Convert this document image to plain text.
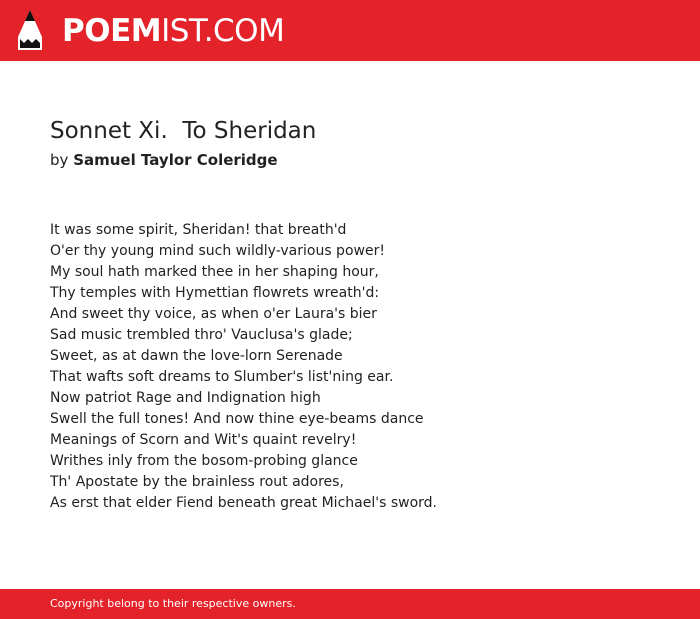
POEMIST.COM
Sonnet Xi.  To Sheridan

by Samuel Taylor Coleridge

It was some spirit, Sheridan! that breath'd
O'er thy young mind such wildly-various power!
My soul hath marked thee in her shaping hour,
Thy temples with Hymettian flowrets wreath'd:
And sweet thy voice, as when o'er Laura's bier
Sad music trembled thro' Vauclusa's glade;
Sweet, as at dawn the love-lorn Serenade
That wafts soft dreams to Slumber's list'ning ear.
Now patriot Rage and Indignation high
Swell the full tones! And now thine eye-beams dance
Meanings of Scorn and Wit's quaint revelry!
Writhes inly from the bosom-probing glance
Th' Apostate by the brainless rout adores,
As erst that elder Fiend beneath great Michael's sword.
Copyright belong to their respective owners.
